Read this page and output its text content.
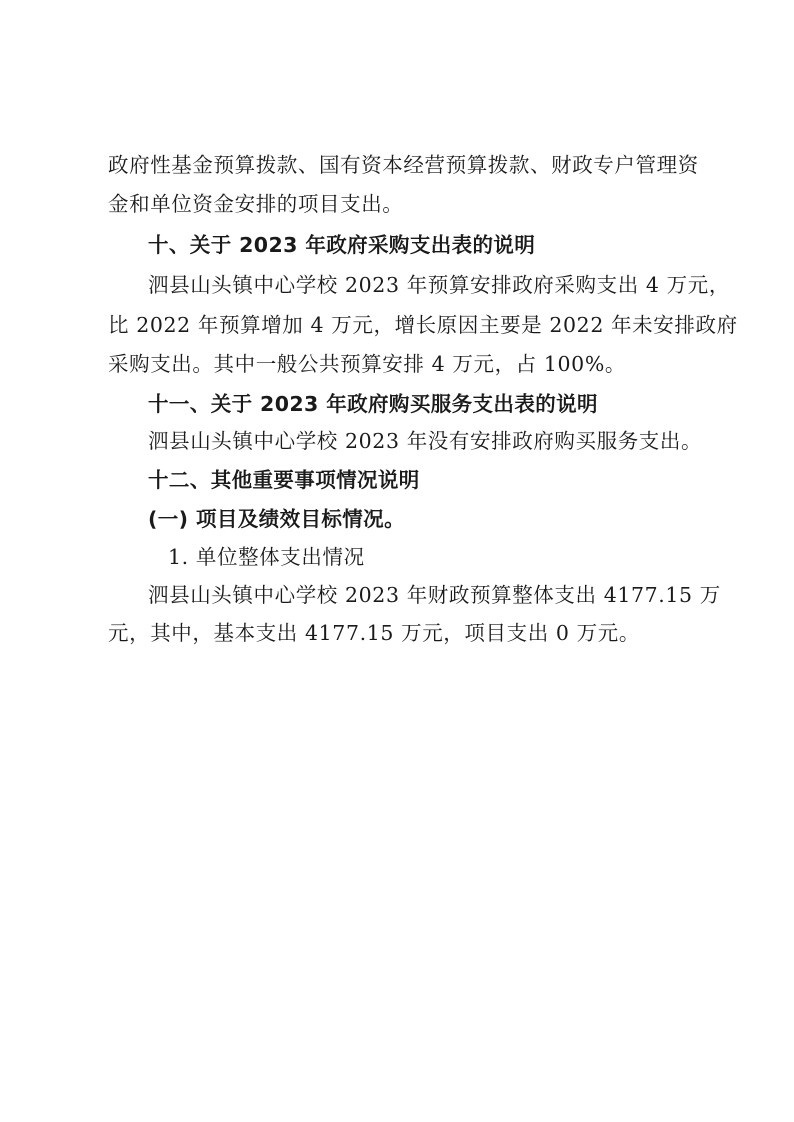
政府性基金预算拨款、国有资本经营预算拨款、财政专户管理资
金和单位资金安排的项目支出。
十、关于 2023 年政府采购支出表的说明
泗县山头镇中心学校 2023 年预算安排政府采购支出 4 万元，
比 2022 年预算增加 4 万元，增长原因主要是 2022 年未安排政府
采购支出。其中一般公共预算安排 4 万元，占 100%。
十一、关于 2023 年政府购买服务支出表的说明
泗县山头镇中心学校 2023 年没有安排政府购买服务支出。
十二、其他重要事项情况说明
(一) 项目及绩效目标情况。
1. 单位整体支出情况
泗县山头镇中心学校 2023 年财政预算整体支出 4177.15 万
元，其中，基本支出 4177.15 万元，项目支出 0 万元。
